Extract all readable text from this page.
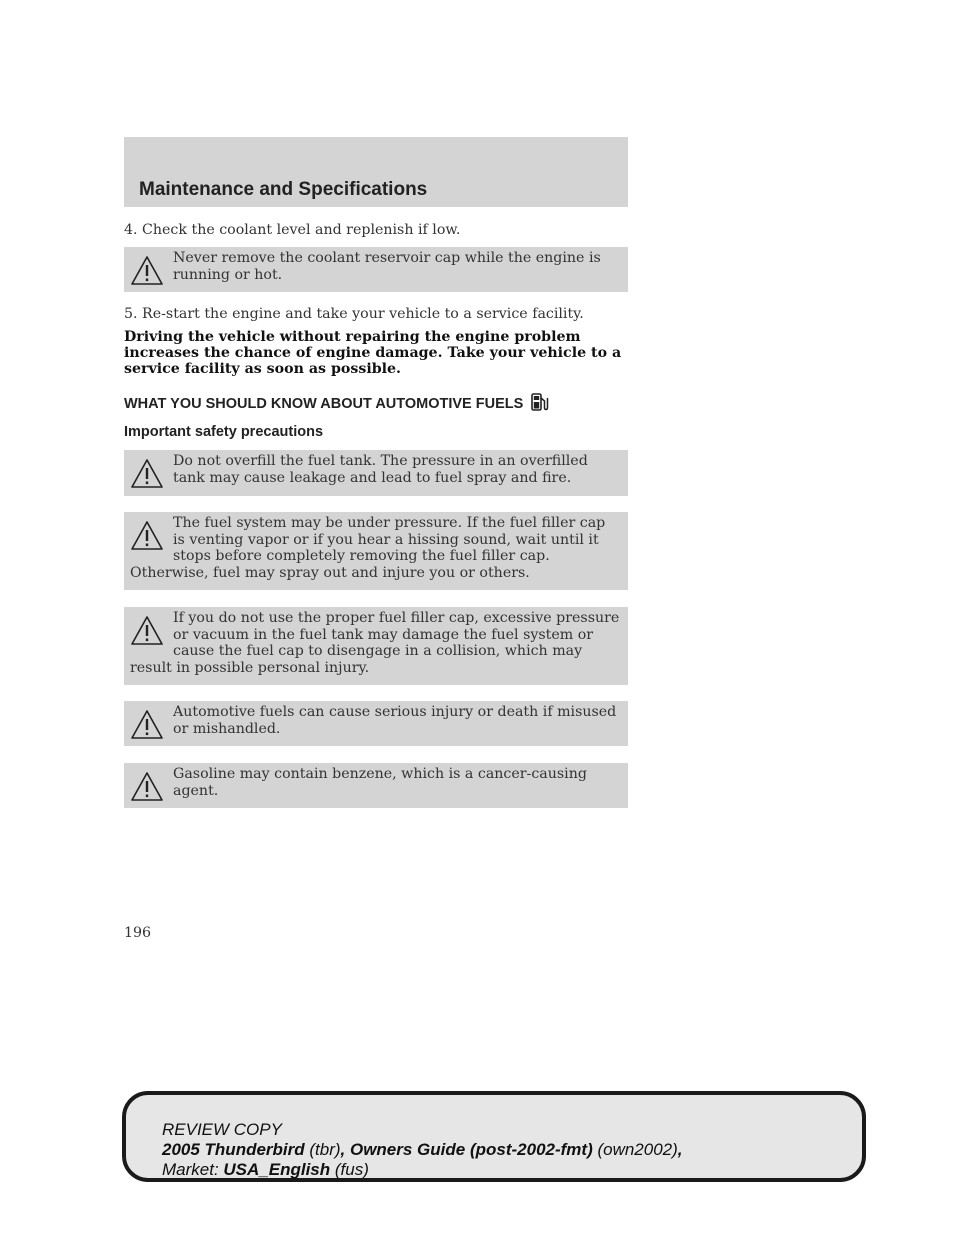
Maintenance and Specifications
4. Check the coolant level and replenish if low.
Never remove the coolant reservoir cap while the engine is running or hot.
5. Re-start the engine and take your vehicle to a service facility.
Driving the vehicle without repairing the engine problem increases the chance of engine damage. Take your vehicle to a service facility as soon as possible.
WHAT YOU SHOULD KNOW ABOUT AUTOMOTIVE FUELS
Important safety precautions
Do not overfill the fuel tank. The pressure in an overfilled tank may cause leakage and lead to fuel spray and fire.
The fuel system may be under pressure. If the fuel filler cap is venting vapor or if you hear a hissing sound, wait until it stops before completely removing the fuel filler cap. Otherwise, fuel may spray out and injure you or others.
If you do not use the proper fuel filler cap, excessive pressure or vacuum in the fuel tank may damage the fuel system or cause the fuel cap to disengage in a collision, which may result in possible personal injury.
Automotive fuels can cause serious injury or death if misused or mishandled.
Gasoline may contain benzene, which is a cancer-causing agent.
196
REVIEW COPY
2005 Thunderbird (tbr), Owners Guide (post-2002-fmt) (own2002),
Market: USA_English (fus)
